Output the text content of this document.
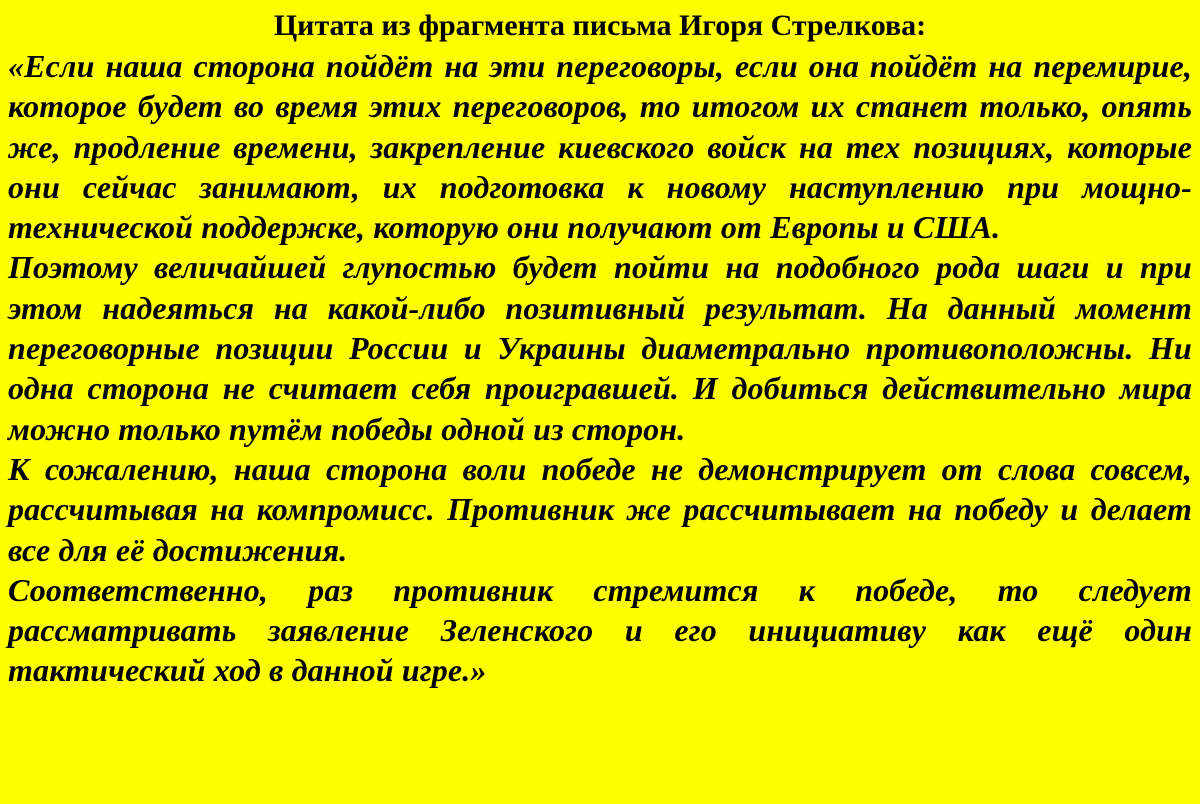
Цитата из фрагмента письма Игоря Стрелкова:

«Если наша сторона пойдёт на эти переговоры, если она пойдёт на перемирие, которое будет во время этих переговоров, то итогом их станет только, опять же, продление времени, закрепление киевского войск на тех позициях, которые они сейчас занимают, их подготовка к новому наступлению при мощно-технической поддержке, которую они получают от Европы и США.

Поэтому величайшей глупостью будет пойти на подобного рода шаги и при этом надеяться на какой-либо позитивный результат. На данный момент переговорные позиции России и Украины диаметрально противоположны. Ни одна сторона не считает себя проигравшей. И добиться действительно мира можно только путём победы одной из сторон.

К сожалению, наша сторона воли победе не демонстрирует от слова совсем, рассчитывая на компромисс. Противник же рассчитывает на победу и делает все для её достижения.

Соответственно, раз противник стремится к победе, то следует рассматривать заявление Зеленского и его инициативу как ещё один тактический ход в данной игре.»
